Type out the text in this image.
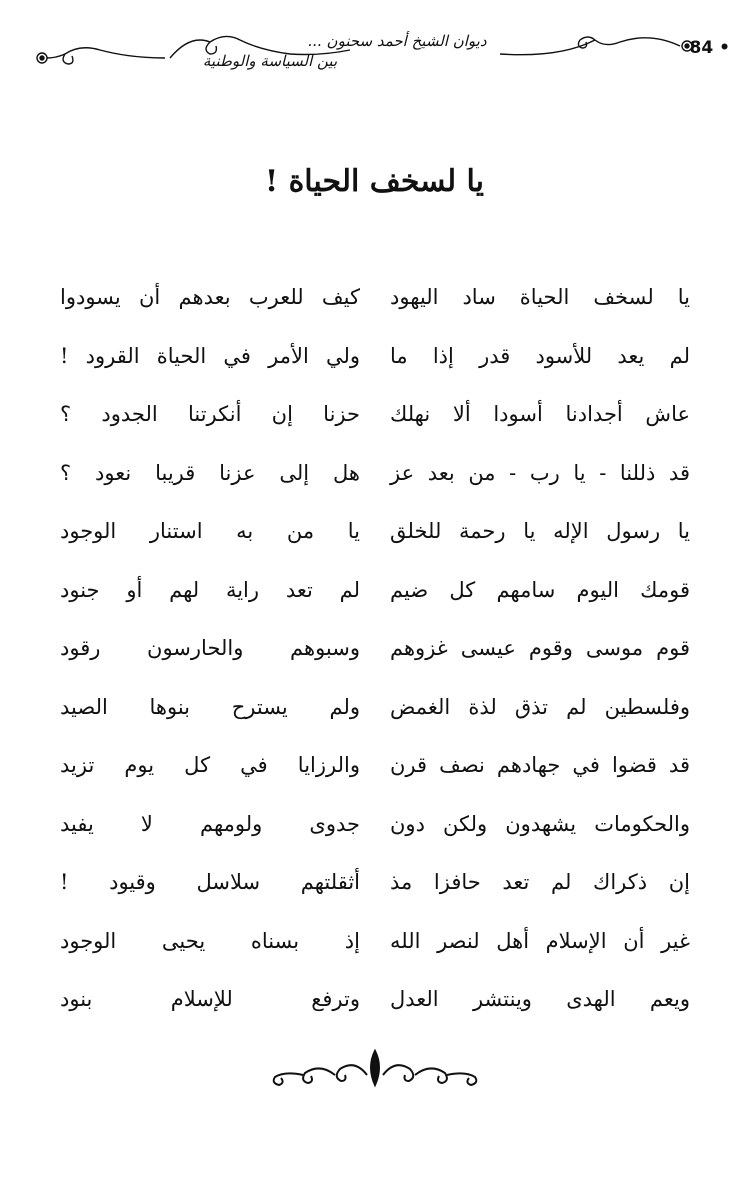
ديوان الشيخ أحمد سحنون ...
بين السياسة والوطنية
84 •
يا لسخف الحياة !
يا لسخف الحياة ساد اليهود
كيف للعرب بعدهم أن يسودوا
لم يعد للأسود قدر إذا ما
ولي الأمر في الحياة القرود !
عاش أجدادنا أسودا ألا نهلك
حزنا إن أنكرتنا الجدود ؟
قد ذللنا - يا رب - من بعد عز
هل إلى عزنا قريبا نعود ؟
يا رسول الإله يا رحمة للخلق
يا من به استنار الوجود
قومك اليوم سامهم كل ضيم
لم تعد راية لهم أو جنود
قوم موسى وقوم عيسى غزوهم
وسبوهم والحارسون رقود
وفلسطين لم تذق لذة الغمض
ولم يسترح بنوها الصيد
قد قضوا في جهادهم نصف قرن
والرزايا في كل يوم تزيد
والحكومات يشهدون ولكن دون
جدوى ولومهم لا يفيد
إن ذكراك لم تعد حافزا مذ
أثقلتهم سلاسل وقيود !
غير أن الإسلام أهل لنصر الله
إذ بسناه يحيى الوجود
ويعم الهدى وينتشر العدل
وترفع للإسلام بنود
